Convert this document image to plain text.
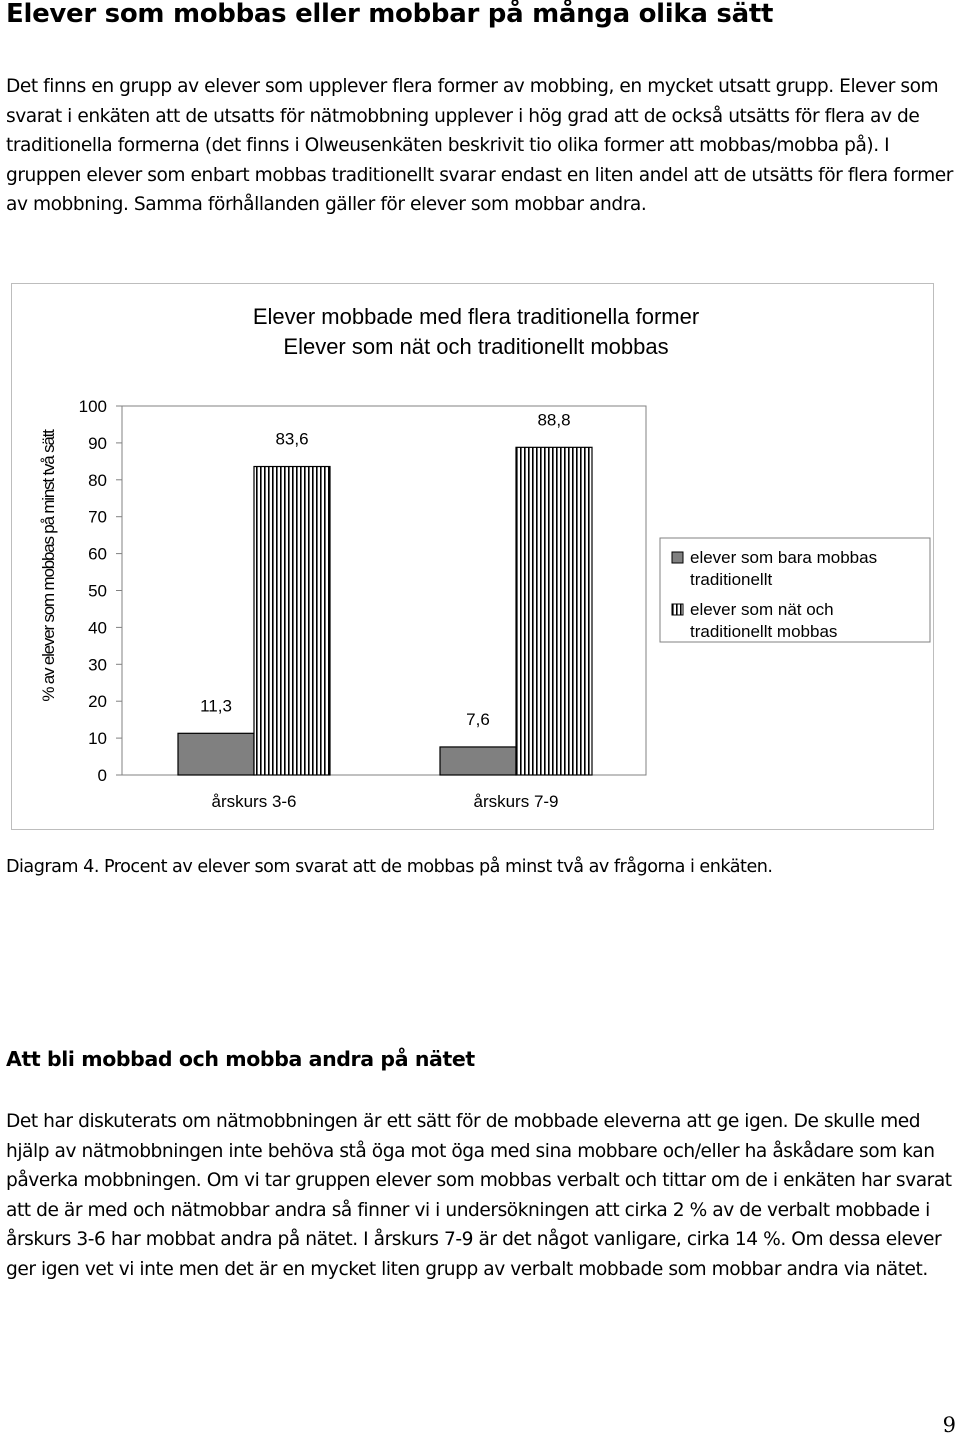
Elever som mobbas eller mobbar på många olika sätt

Det finns en grupp av elever som upplever flera former av mobbing, en mycket utsatt grupp. Elever som svarat i enkäten att de utsatts för nätmobbning upplever i hög grad att de också utsätts för flera av de traditionella formerna (det finns i Olweusenkäten beskrivit tio olika former att mobbas/mobba på). I gruppen elever som enbart mobbas traditionellt svarar endast en liten andel att de utsätts för flera former av mobbning. Samma förhållanden gäller för elever som mobbar andra.

Elever mobbade med flera traditionella former
Elever som nät och traditionellt mobbas
% av elever som mobbas på minst två sätt
0
10
20
30
40
50
60
70
80
90
100
11,3
83,6
årskurs 3-6
7,6
88,8
årskurs 7-9
elever som bara mobbas traditionellt
elever som nät och traditionellt mobbas

Diagram 4. Procent av elever som svarat att de mobbas på minst två av frågorna i enkäten.

Att bli mobbad och mobba andra på nätet

Det har diskuterats om nätmobbningen är ett sätt för de mobbade eleverna att ge igen. De skulle med hjälp av nätmobbningen inte behöva stå öga mot öga med sina mobbare och/eller ha åskådare som kan påverka mobbningen. Om vi tar gruppen elever som mobbas verbalt och tittar om de i enkäten har svarat att de är med och nätmobbar andra så finner vi i undersökningen att cirka 2 % av de verbalt mobbade i årskurs 3-6 har mobbat andra på nätet. I årskurs 7-9 är det något vanligare, cirka 14 %. Om dessa elever ger igen vet vi inte men det är en mycket liten grupp av verbalt mobbade som mobbar andra via nätet.

9
